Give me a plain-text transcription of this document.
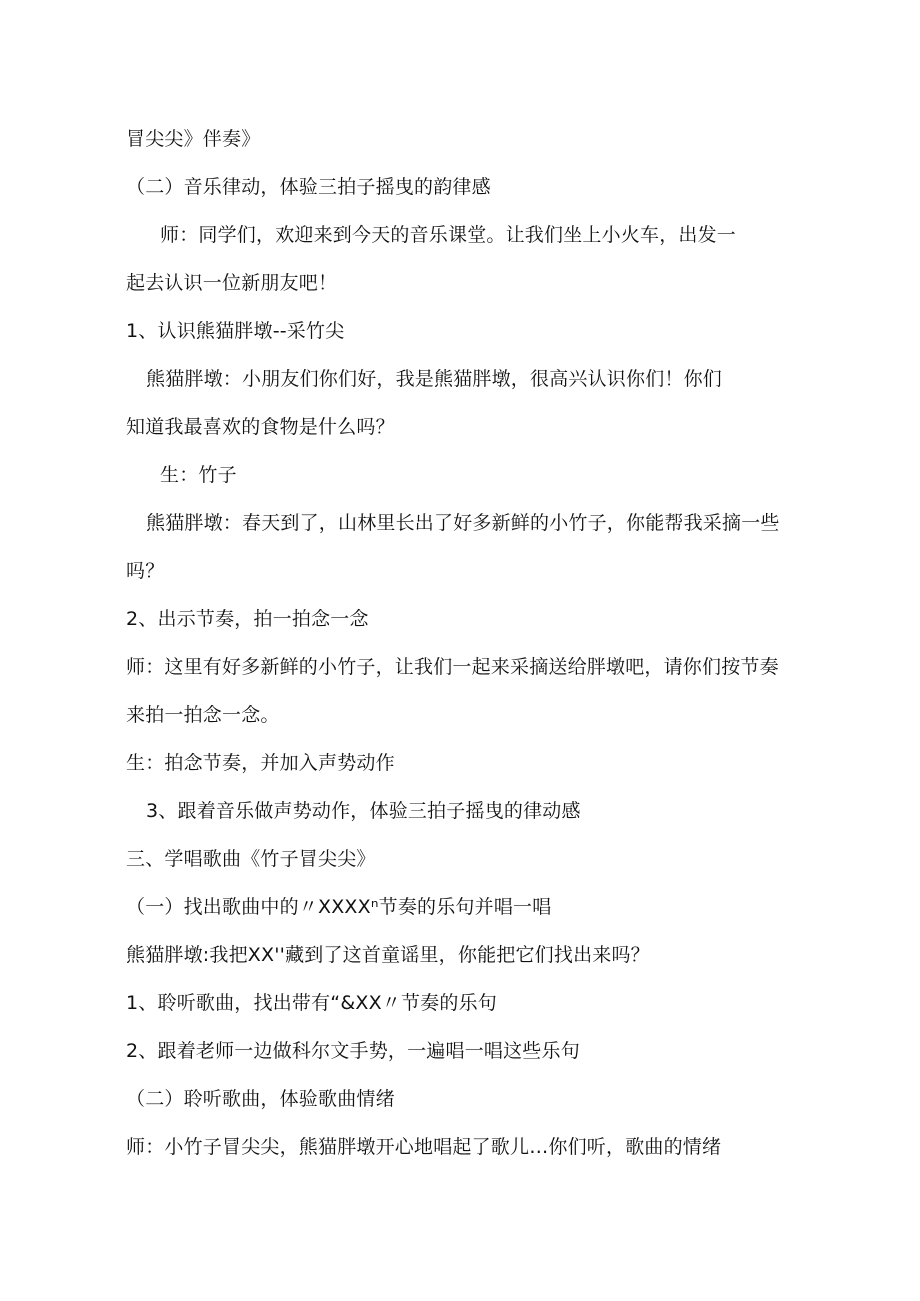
冒尖尖》伴奏》
（二）音乐律动，体验三拍子摇曳的韵律感
师：同学们，欢迎来到今天的音乐课堂。让我们坐上小火车，出发一
起去认识一位新朋友吧！
1、认识熊猫胖墩--采竹尖
熊猫胖墩：小朋友们你们好，我是熊猫胖墩，很高兴认识你们！你们
知道我最喜欢的食物是什么吗？
生：竹子
熊猫胖墩：春天到了，山林里长出了好多新鲜的小竹子，你能帮我采摘一些
吗？
2、出示节奏，拍一拍念一念
师：这里有好多新鲜的小竹子，让我们一起来采摘送给胖墩吧，请你们按节奏
来拍一拍念一念。
生：拍念节奏，并加入声势动作
3、跟着音乐做声势动作，体验三拍子摇曳的律动感
三、学唱歌曲《竹子冒尖尖》
（一）找出歌曲中的〃XXXXⁿ节奏的乐句并唱一唱
熊猫胖墩:我把XX''藏到了这首童谣里，你能把它们找出来吗？
1、聆听歌曲，找出带有“&XX〃节奏的乐句
2、跟着老师一边做科尔文手势，一遍唱一唱这些乐句
（二）聆听歌曲，体验歌曲情绪
师：小竹子冒尖尖，熊猫胖墩开心地唱起了歌儿…你们听，歌曲的情绪
